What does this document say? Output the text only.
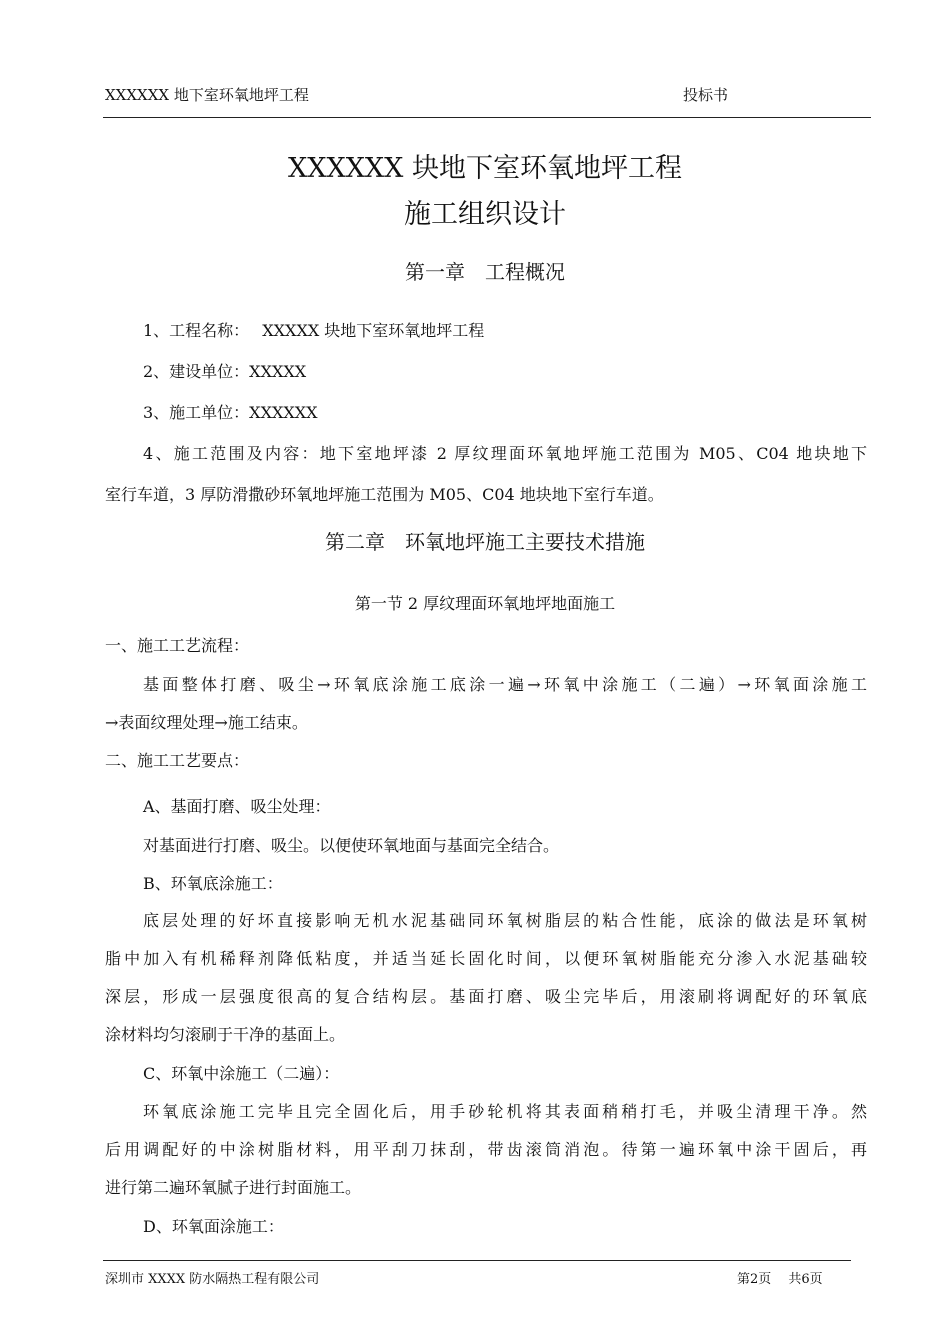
XXXXXX 地下室环氧地坪工程	投标书
XXXXXX 块地下室环氧地坪工程
施工组织设计
第一章　工程概况
1、工程名称：　 XXXXX 块地下室环氧地坪工程
2、建设单位：XXXXX
3、施工单位：XXXXXX
4、施工范围及内容：地下室地坪漆 2 厚纹理面环氧地坪施工范围为 M05、C04 地块地下
室行车道，3 厚防滑撒砂环氧地坪施工范围为 M05、C04 地块地下室行车道。
第二章　环氧地坪施工主要技术措施
第一节 2 厚纹理面环氧地坪地面施工
一、施工工艺流程：
基面整体打磨、吸尘→环氧底涂施工底涂一遍→环氧中涂施工（二遍）→环氧面涂施工
→表面纹理处理→施工结束。
二、施工工艺要点：
A、基面打磨、吸尘处理：
对基面进行打磨、吸尘。以便使环氧地面与基面完全结合。
B、环氧底涂施工：
底层处理的好坏直接影响无机水泥基础同环氧树脂层的粘合性能，底涂的做法是环氧树
脂中加入有机稀释剂降低粘度，并适当延长固化时间，以便环氧树脂能充分渗入水泥基础较
深层，形成一层强度很高的复合结构层。基面打磨、吸尘完毕后，用滚刷将调配好的环氧底
涂材料均匀滚刷于干净的基面上。
C、环氧中涂施工（二遍）：
环氧底涂施工完毕且完全固化后，用手砂轮机将其表面稍稍打毛，并吸尘清理干净。然
后用调配好的中涂树脂材料，用平刮刀抹刮，带齿滚筒消泡。待第一遍环氧中涂干固后，再
进行第二遍环氧腻子进行封面施工。
D、环氧面涂施工：
深圳市 XXXX 防水隔热工程有限公司	第2页　 共6页
